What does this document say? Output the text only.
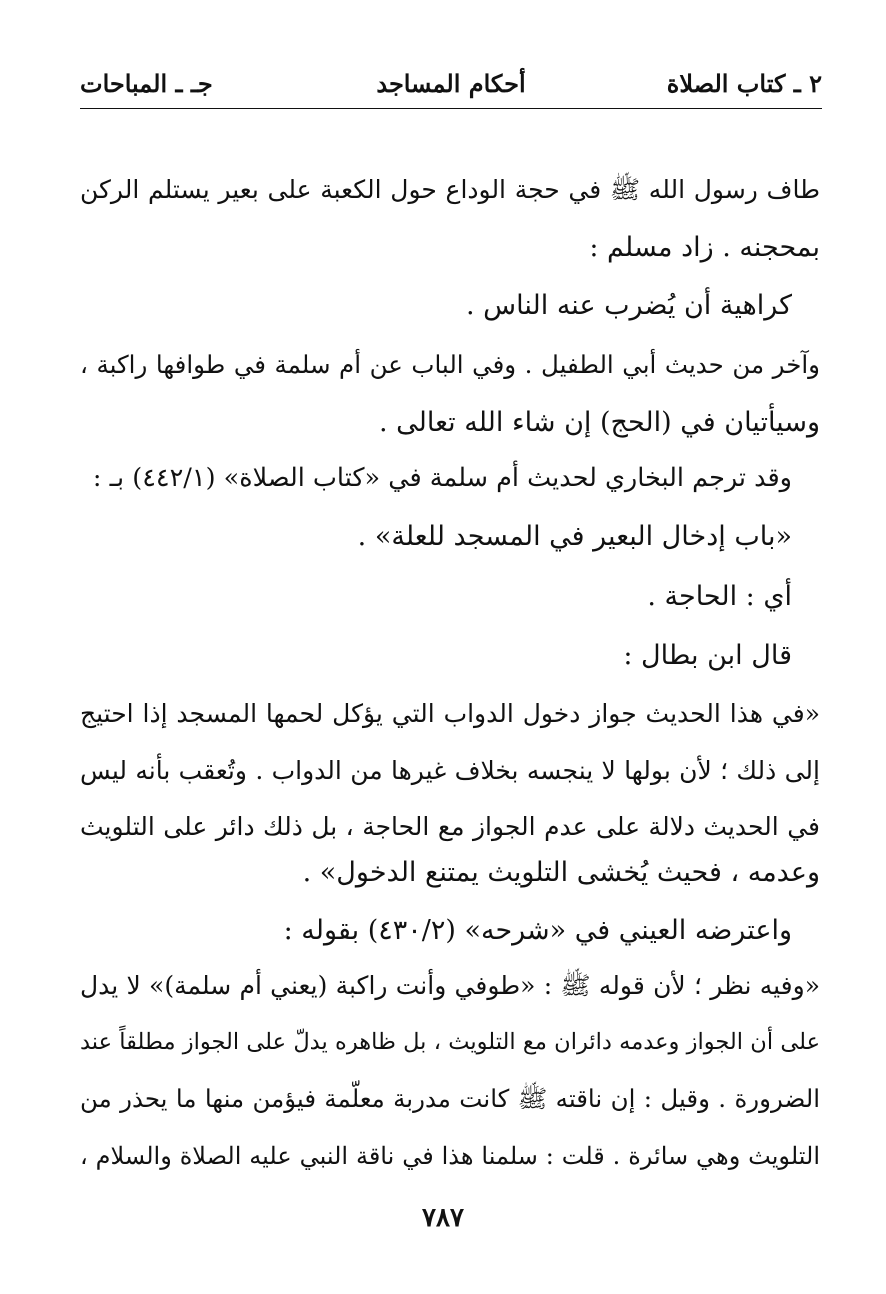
٢ ـ كتاب الصلاة
أحكام المساجد
جـ ـ المباحات
طاف رسول الله ﷺ في حجة الوداع حول الكعبة على بعير يستلم الركن
بمحجنه . زاد مسلم :
كراهية أن يُضرب عنه الناس .
وآخر من حديث أبي الطفيل . وفي الباب عن أم سلمة في طوافها راكبة ،
وسيأتيان في (الحج) إن شاء الله تعالى .
وقد ترجم البخاري لحديث أم سلمة في «كتاب الصلاة» (٤٤٢/١) بـ :
«باب إدخال البعير في المسجد للعلة» .
أي : الحاجة .
قال ابن بطال :
«في هذا الحديث جواز دخول الدواب التي يؤكل لحمها المسجد إذا احتيج
إلى ذلك ؛ لأن بولها لا ينجسه بخلاف غيرها من الدواب . وتُعقب بأنه ليس
في الحديث دلالة على عدم الجواز مع الحاجة ، بل ذلك دائر على التلويث
وعدمه ، فحيث يُخشى التلويث يمتنع الدخول» .
واعترضه العيني في «شرحه» (٤٣٠/٢) بقوله :
«وفيه نظر ؛ لأن قوله ﷺ : «طوفي وأنت راكبة (يعني أم سلمة)» لا يدل
على أن الجواز وعدمه دائران مع التلويث ، بل ظاهره يدلّ على الجواز مطلقاً عند
الضرورة . وقيل : إن ناقته ﷺ كانت مدربة معلّمة فيؤمن منها ما يحذر من
التلويث وهي سائرة . قلت : سلمنا هذا في ناقة النبي عليه الصلاة والسلام ،
٧٨٧
